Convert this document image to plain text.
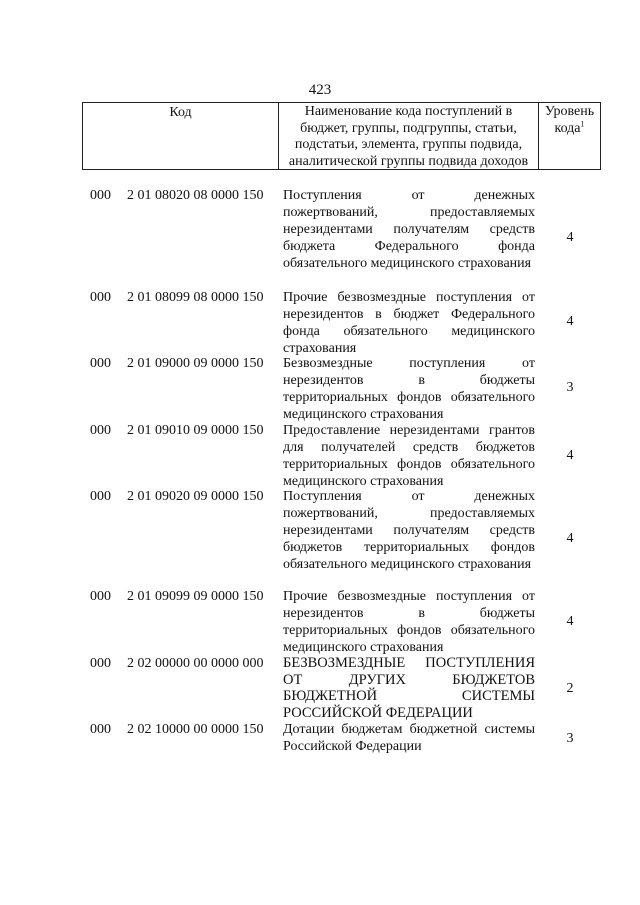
423
Код	Наименование кода поступлений в бюджет, группы, подгруппы, статьи, подстатьи, элемента, группы подвида, аналитической группы подвида доходов
Уровень кода$^1$
000 2 01 08020 08 0000 150 Поступления от денежных пожертвований, предоставляемых нерезидентами получателям средств бюджета Федерального фонда обязательного медицинского страхования
4
000 2 01 08099 08 0000 150 Прочие безвозмездные поступления от нерезидентов в бюджет Федерального фонда обязательного медицинского страхования
4
000 2 01 09000 09 0000 150 Безвозмездные поступления от нерезидентов в бюджеты территориальных фондов обязательного медицинского страхования
3
000 2 01 09010 09 0000 150 Предоставление нерезидентами грантов для получателей средств бюджетов территориальных фондов обязательного медицинского страхования
4
000 2 01 09020 09 0000 150 Поступления от денежных пожертвований, предоставляемых нерезидентами получателям средств бюджетов территориальных фондов обязательного медицинского страхования
4
000 2 01 09099 09 0000 150 Прочие безвозмездные поступления от нерезидентов в бюджеты территориальных фондов обязательного медицинского страхования
4
000 2 02 00000 00 0000 000 БЕЗВОЗМЕЗДНЫЕ ПОСТУПЛЕНИЯ ОТ ДРУГИХ БЮДЖЕТОВ БЮДЖЕТНОЙ СИСТЕМЫ РОССИЙСКОЙ ФЕДЕРАЦИИ
2
000 2 02 10000 00 0000 150 Дотации бюджетам бюджетной системы Российской Федерации
3
